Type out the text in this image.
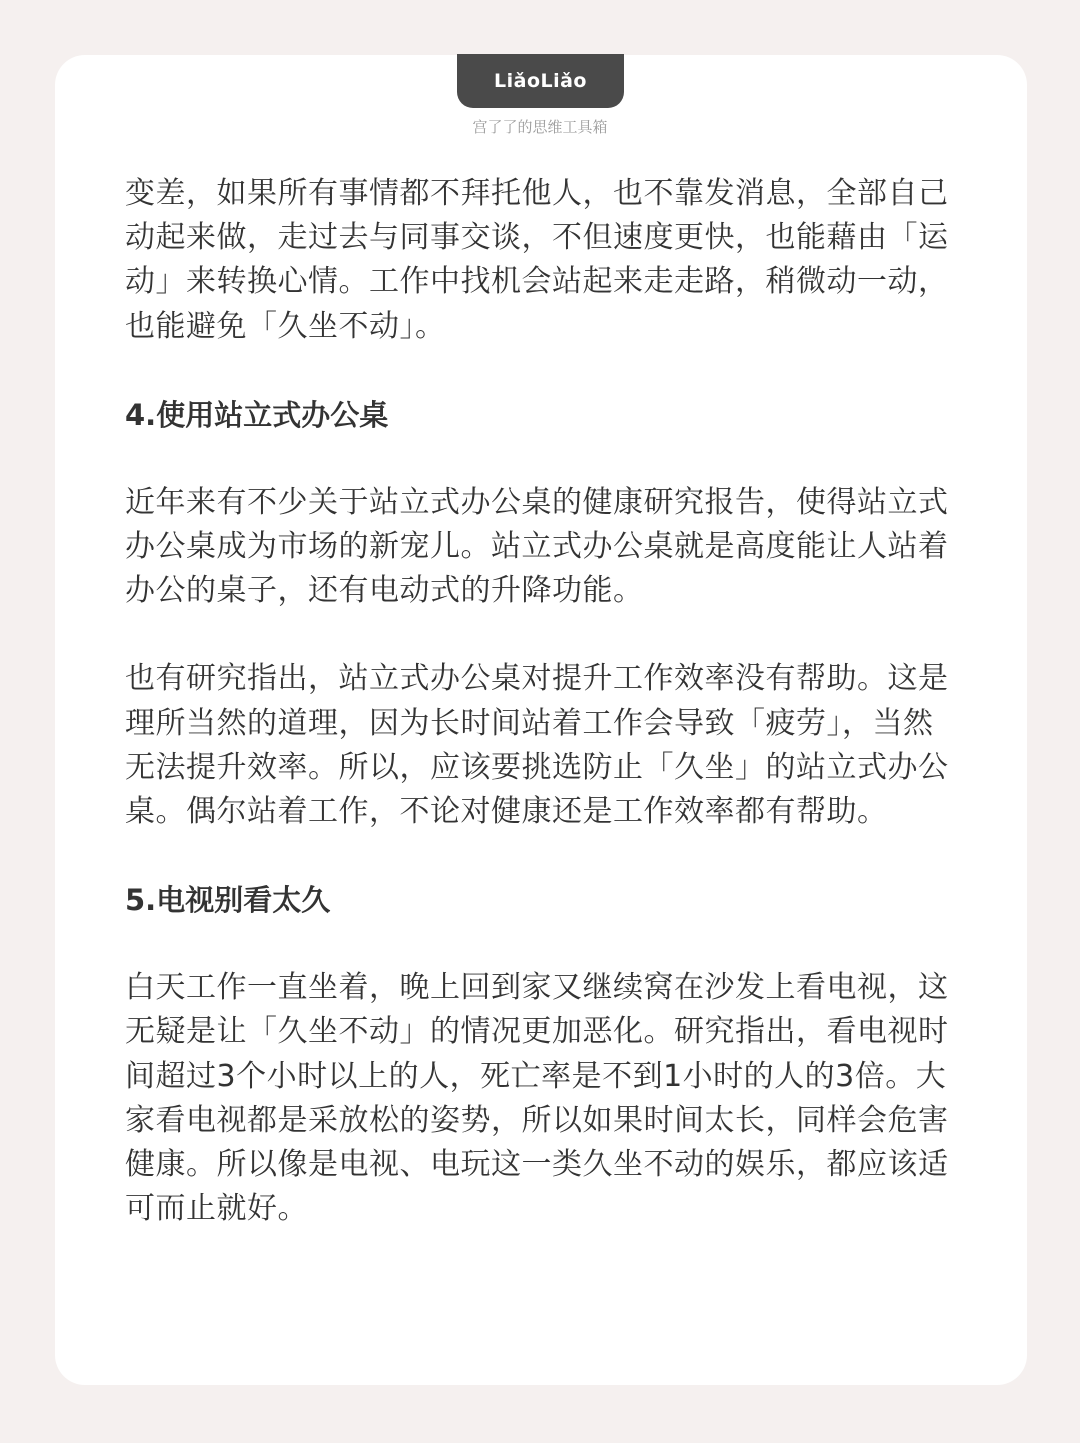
LiǎoLiǎo
宫了了的思维工具箱

变差，如果所有事情都不拜托他人，也不靠发消息，全部自己动起来做，走过去与同事交谈，不但速度更快，也能藉由「运动」来转换心情。工作中找机会站起来走走路，稍微动一动，也能避免「久坐不动」。

4.使用站立式办公桌

近年来有不少关于站立式办公桌的健康研究报告，使得站立式办公桌成为市场的新宠儿。站立式办公桌就是高度能让人站着办公的桌子，还有电动式的升降功能。

也有研究指出，站立式办公桌对提升工作效率没有帮助。这是理所当然的道理，因为长时间站着工作会导致「疲劳」，当然无法提升效率。所以，应该要挑选防止「久坐」的站立式办公桌。偶尔站着工作，不论对健康还是工作效率都有帮助。

5.电视别看太久

白天工作一直坐着，晚上回到家又继续窝在沙发上看电视，这无疑是让「久坐不动」的情况更加恶化。研究指出，看电视时间超过3个小时以上的人，死亡率是不到1小时的人的3倍。大家看电视都是采放松的姿势，所以如果时间太长，同样会危害健康。所以像是电视、电玩这一类久坐不动的娱乐，都应该适可而止就好。
